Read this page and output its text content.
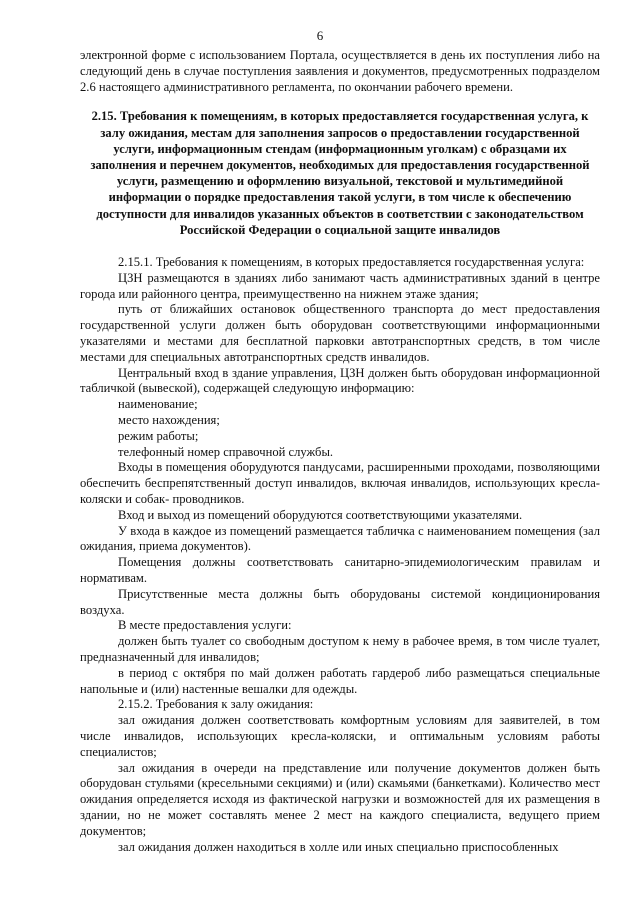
6

электронной форме с использованием Портала, осуществляется в день их поступления либо на следующий день в случае поступления заявления и документов, предусмотренных подразделом 2.6 настоящего административного регламента, по окончании рабочего времени.

2.15. Требования к помещениям, в которых предоставляется государственная услуга, к залу ожидания, местам для заполнения запросов о предоставлении государственной услуги, информационным стендам (информационным уголкам) с образцами их заполнения и перечнем документов, необходимых для предоставления государственной услуги, размещению и оформлению визуальной, текстовой и мультимедийной информации о порядке предоставления такой услуги, в том числе к обеспечению доступности для инвалидов указанных объектов в соответствии с законодательством Российской Федерации о социальной защите инвалидов

2.15.1. Требования к помещениям, в которых предоставляется государственная услуга:

ЦЗН размещаются в зданиях либо занимают часть административных зданий в центре города или районного центра, преимущественно на нижнем этаже здания;

путь от ближайших остановок общественного транспорта до мест предоставления государственной услуги должен быть оборудован соответствующими информационными указателями и местами для бесплатной парковки автотранспортных средств, в том числе местами для специальных автотранспортных средств инвалидов.

Центральный вход в здание управления, ЦЗН должен быть оборудован информационной табличкой (вывеской), содержащей следующую информацию:

наименование;

место нахождения;

режим работы;

телефонный номер справочной службы.

Входы в помещения оборудуются пандусами, расширенными проходами, позволяющими обеспечить беспрепятственный доступ инвалидов, включая инвалидов, использующих кресла-коляски и собак- проводников.

Вход и выход из помещений оборудуются соответствующими указателями.

У входа в каждое из помещений размещается табличка с наименованием помещения (зал ожидания, приема документов).

Помещения должны соответствовать санитарно-эпидемиологическим правилам и нормативам.

Присутственные места должны быть оборудованы системой кондиционирования воздуха.

В месте предоставления услуги:

должен быть туалет со свободным доступом к нему в рабочее время, в том числе туалет, предназначенный для инвалидов;

в период с октября по май должен работать гардероб либо размещаться специальные напольные и (или) настенные вешалки для одежды.

2.15.2. Требования к залу ожидания:

зал ожидания должен соответствовать комфортным условиям для заявителей, в том числе инвалидов, использующих кресла-коляски, и оптимальным условиям работы специалистов;

зал ожидания в очереди на представление или получение документов должен быть оборудован стульями (кресельными секциями) и (или) скамьями (банкетками). Количество мест ожидания определяется исходя из фактической нагрузки и возможностей для их размещения в здании, но не может составлять менее 2 мест на каждого специалиста, ведущего прием документов;

зал ожидания должен находиться в холле или иных специально приспособленных
